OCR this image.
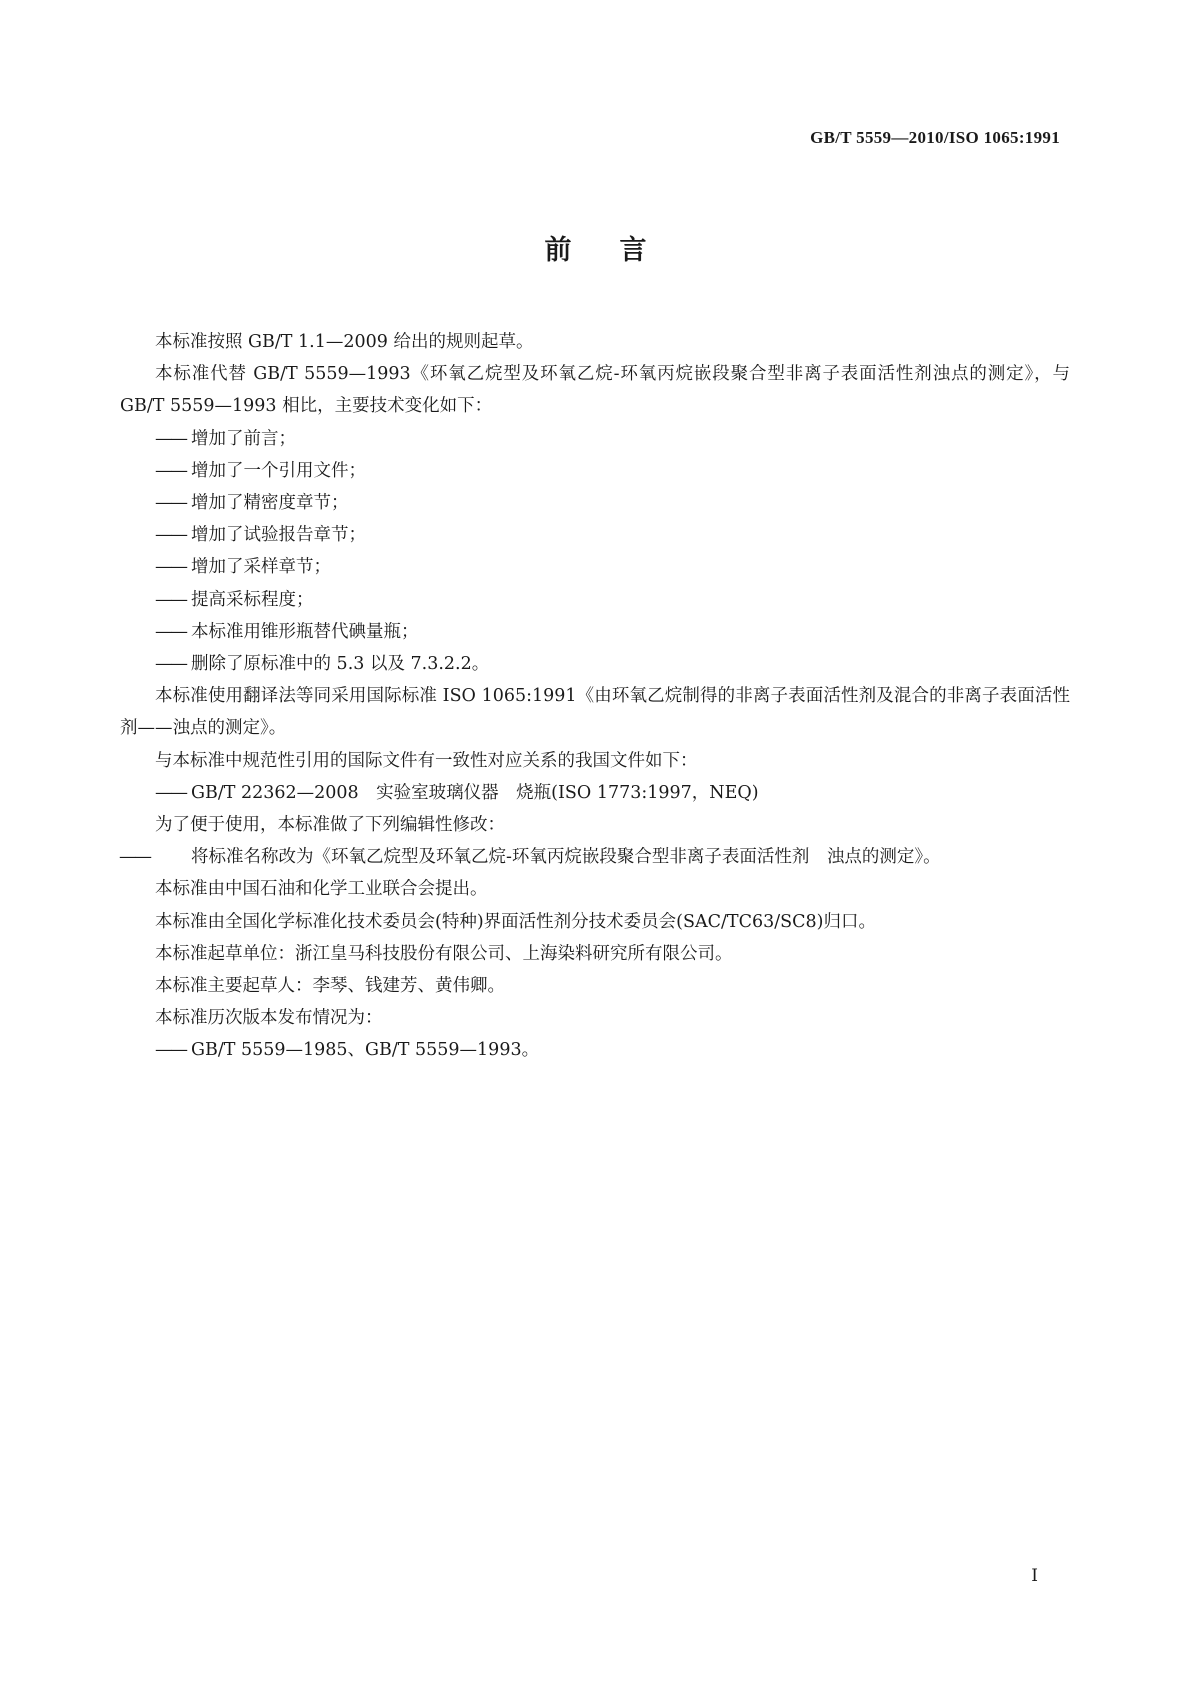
GB/T 5559—2010/ISO 1065:1991
前言

本标准按照 GB/T 1.1—2009 给出的规则起草。

本标准代替 GB/T 5559—1993《环氧乙烷型及环氧乙烷-环氧丙烷嵌段聚合型非离子表面活性剂浊点的测定》，与 GB/T 5559—1993 相比，主要技术变化如下：

—— 增加了前言；

—— 增加了一个引用文件；

—— 增加了精密度章节；

—— 增加了试验报告章节；

—— 增加了采样章节；

—— 提高采标程度；

—— 本标准用锥形瓶替代碘量瓶；

—— 删除了原标准中的 5.3 以及 7.3.2.2。

本标准使用翻译法等同采用国际标准 ISO 1065:1991《由环氧乙烷制得的非离子表面活性剂及混合的非离子表面活性剂——浊点的测定》。

与本标准中规范性引用的国际文件有一致性对应关系的我国文件如下：

—— GB/T 22362—2008　实验室玻璃仪器　烧瓶(ISO 1773:1997，NEQ)

为了便于使用，本标准做了下列编辑性修改：

—— 将标准名称改为《环氧乙烷型及环氧乙烷-环氧丙烷嵌段聚合型非离子表面活性剂　浊点的测定》。

本标准由中国石油和化学工业联合会提出。

本标准由全国化学标准化技术委员会(特种)界面活性剂分技术委员会(SAC/TC63/SC8)归口。

本标准起草单位：浙江皇马科技股份有限公司、上海染料研究所有限公司。

本标准主要起草人：李琴、钱建芳、黄伟卿。

本标准历次版本发布情况为：

—— GB/T 5559—1985、GB/T 5559—1993。

I
